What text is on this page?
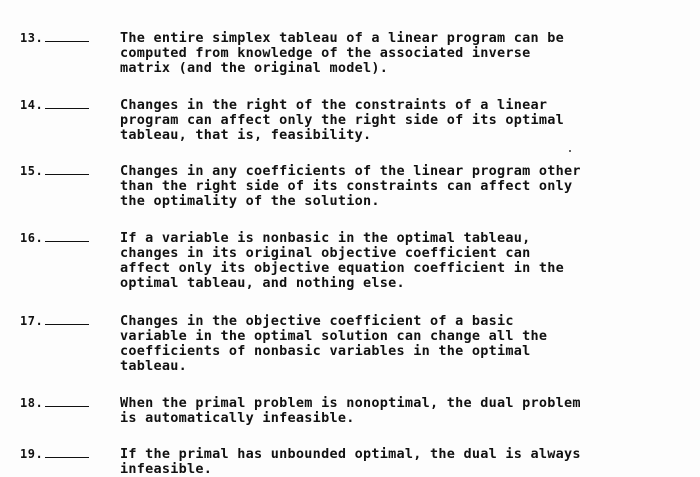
13.	The entire simplex tableau of a linear program can be
computed from knowledge of the associated inverse
matrix (and the original model).
14.	Changes in the right of the constraints of a linear
program can affect only the right side of its optimal
tableau, that is, feasibility.
15.	Changes in any coefficients of the linear program other
than the right side of its constraints can affect only
the optimality of the solution.
16.	If a variable is nonbasic in the optimal tableau,
changes in its original objective coefficient can
affect only its objective equation coefficient in the
optimal tableau, and nothing else.
17.	Changes in the objective coefficient of a basic
variable in the optimal solution can change all the
coefficients of nonbasic variables in the optimal
tableau.
18.	When the primal problem is nonoptimal, the dual problem
is automatically infeasible.
19.	If the primal has unbounded optimal, the dual is always
infeasible.
